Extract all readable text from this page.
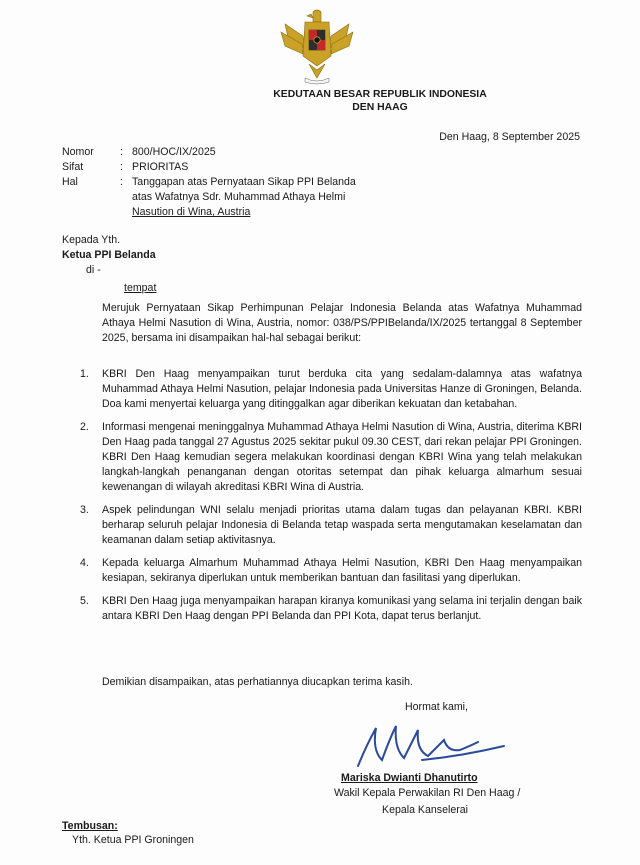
KEDUTAAN BESAR REPUBLIK INDONESIA
DEN HAAG
Den Haag, 8 September 2025
Nomor	: 800/HOC/IX/2025
Sifat	: PRIORITAS
Hal	: Tanggapan atas Pernyataan Sikap PPI Belanda
atas Wafatnya Sdr. Muhammad Athaya Helmi
Nasution di Wina, Austria
Kepada Yth.
Ketua PPI Belanda
di -
tempat
Merujuk Pernyataan Sikap Perhimpunan Pelajar Indonesia Belanda atas Wafatnya Muhammad Athaya Helmi Nasution di Wina, Austria, nomor: 038/PS/PPIBelanda/IX/2025 tertanggal 8 September 2025, bersama ini disampaikan hal-hal sebagai berikut:
1.	KBRI Den Haag menyampaikan turut berduka cita yang sedalam-dalamnya atas wafatnya Muhammad Athaya Helmi Nasution, pelajar Indonesia pada Universitas Hanze di Groningen, Belanda. Doa kami menyertai keluarga yang ditinggalkan agar diberikan kekuatan dan ketabahan.
2.	Informasi mengenai meninggalnya Muhammad Athaya Helmi Nasution di Wina, Austria, diterima KBRI Den Haag pada tanggal 27 Agustus 2025 sekitar pukul 09.30 CEST, dari rekan pelajar PPI Groningen. KBRI Den Haag kemudian segera melakukan koordinasi dengan KBRI Wina yang telah melakukan langkah-langkah penanganan dengan otoritas setempat dan pihak keluarga almarhum sesuai kewenangan di wilayah akreditasi KBRI Wina di Austria.
3.	Aspek pelindungan WNI selalu menjadi prioritas utama dalam tugas dan pelayanan KBRI. KBRI berharap seluruh pelajar Indonesia di Belanda tetap waspada serta mengutamakan keselamatan dan keamanan dalam setiap aktivitasnya.
4.	Kepada keluarga Almarhum Muhammad Athaya Helmi Nasution, KBRI Den Haag menyampaikan kesiapan, sekiranya diperlukan untuk memberikan bantuan dan fasilitasi yang diperlukan.
5.	KBRI Den Haag juga menyampaikan harapan kiranya komunikasi yang selama ini terjalin dengan baik antara KBRI Den Haag dengan PPI Belanda dan PPI Kota, dapat terus berlanjut.
Demikian disampaikan, atas perhatiannya diucapkan terima kasih.
Hormat kami,
Mariska Dwianti Dhanutirto
Wakil Kepala Perwakilan RI Den Haag /
Kepala Kanselerai
Tembusan:
Yth. Ketua PPI Groningen
